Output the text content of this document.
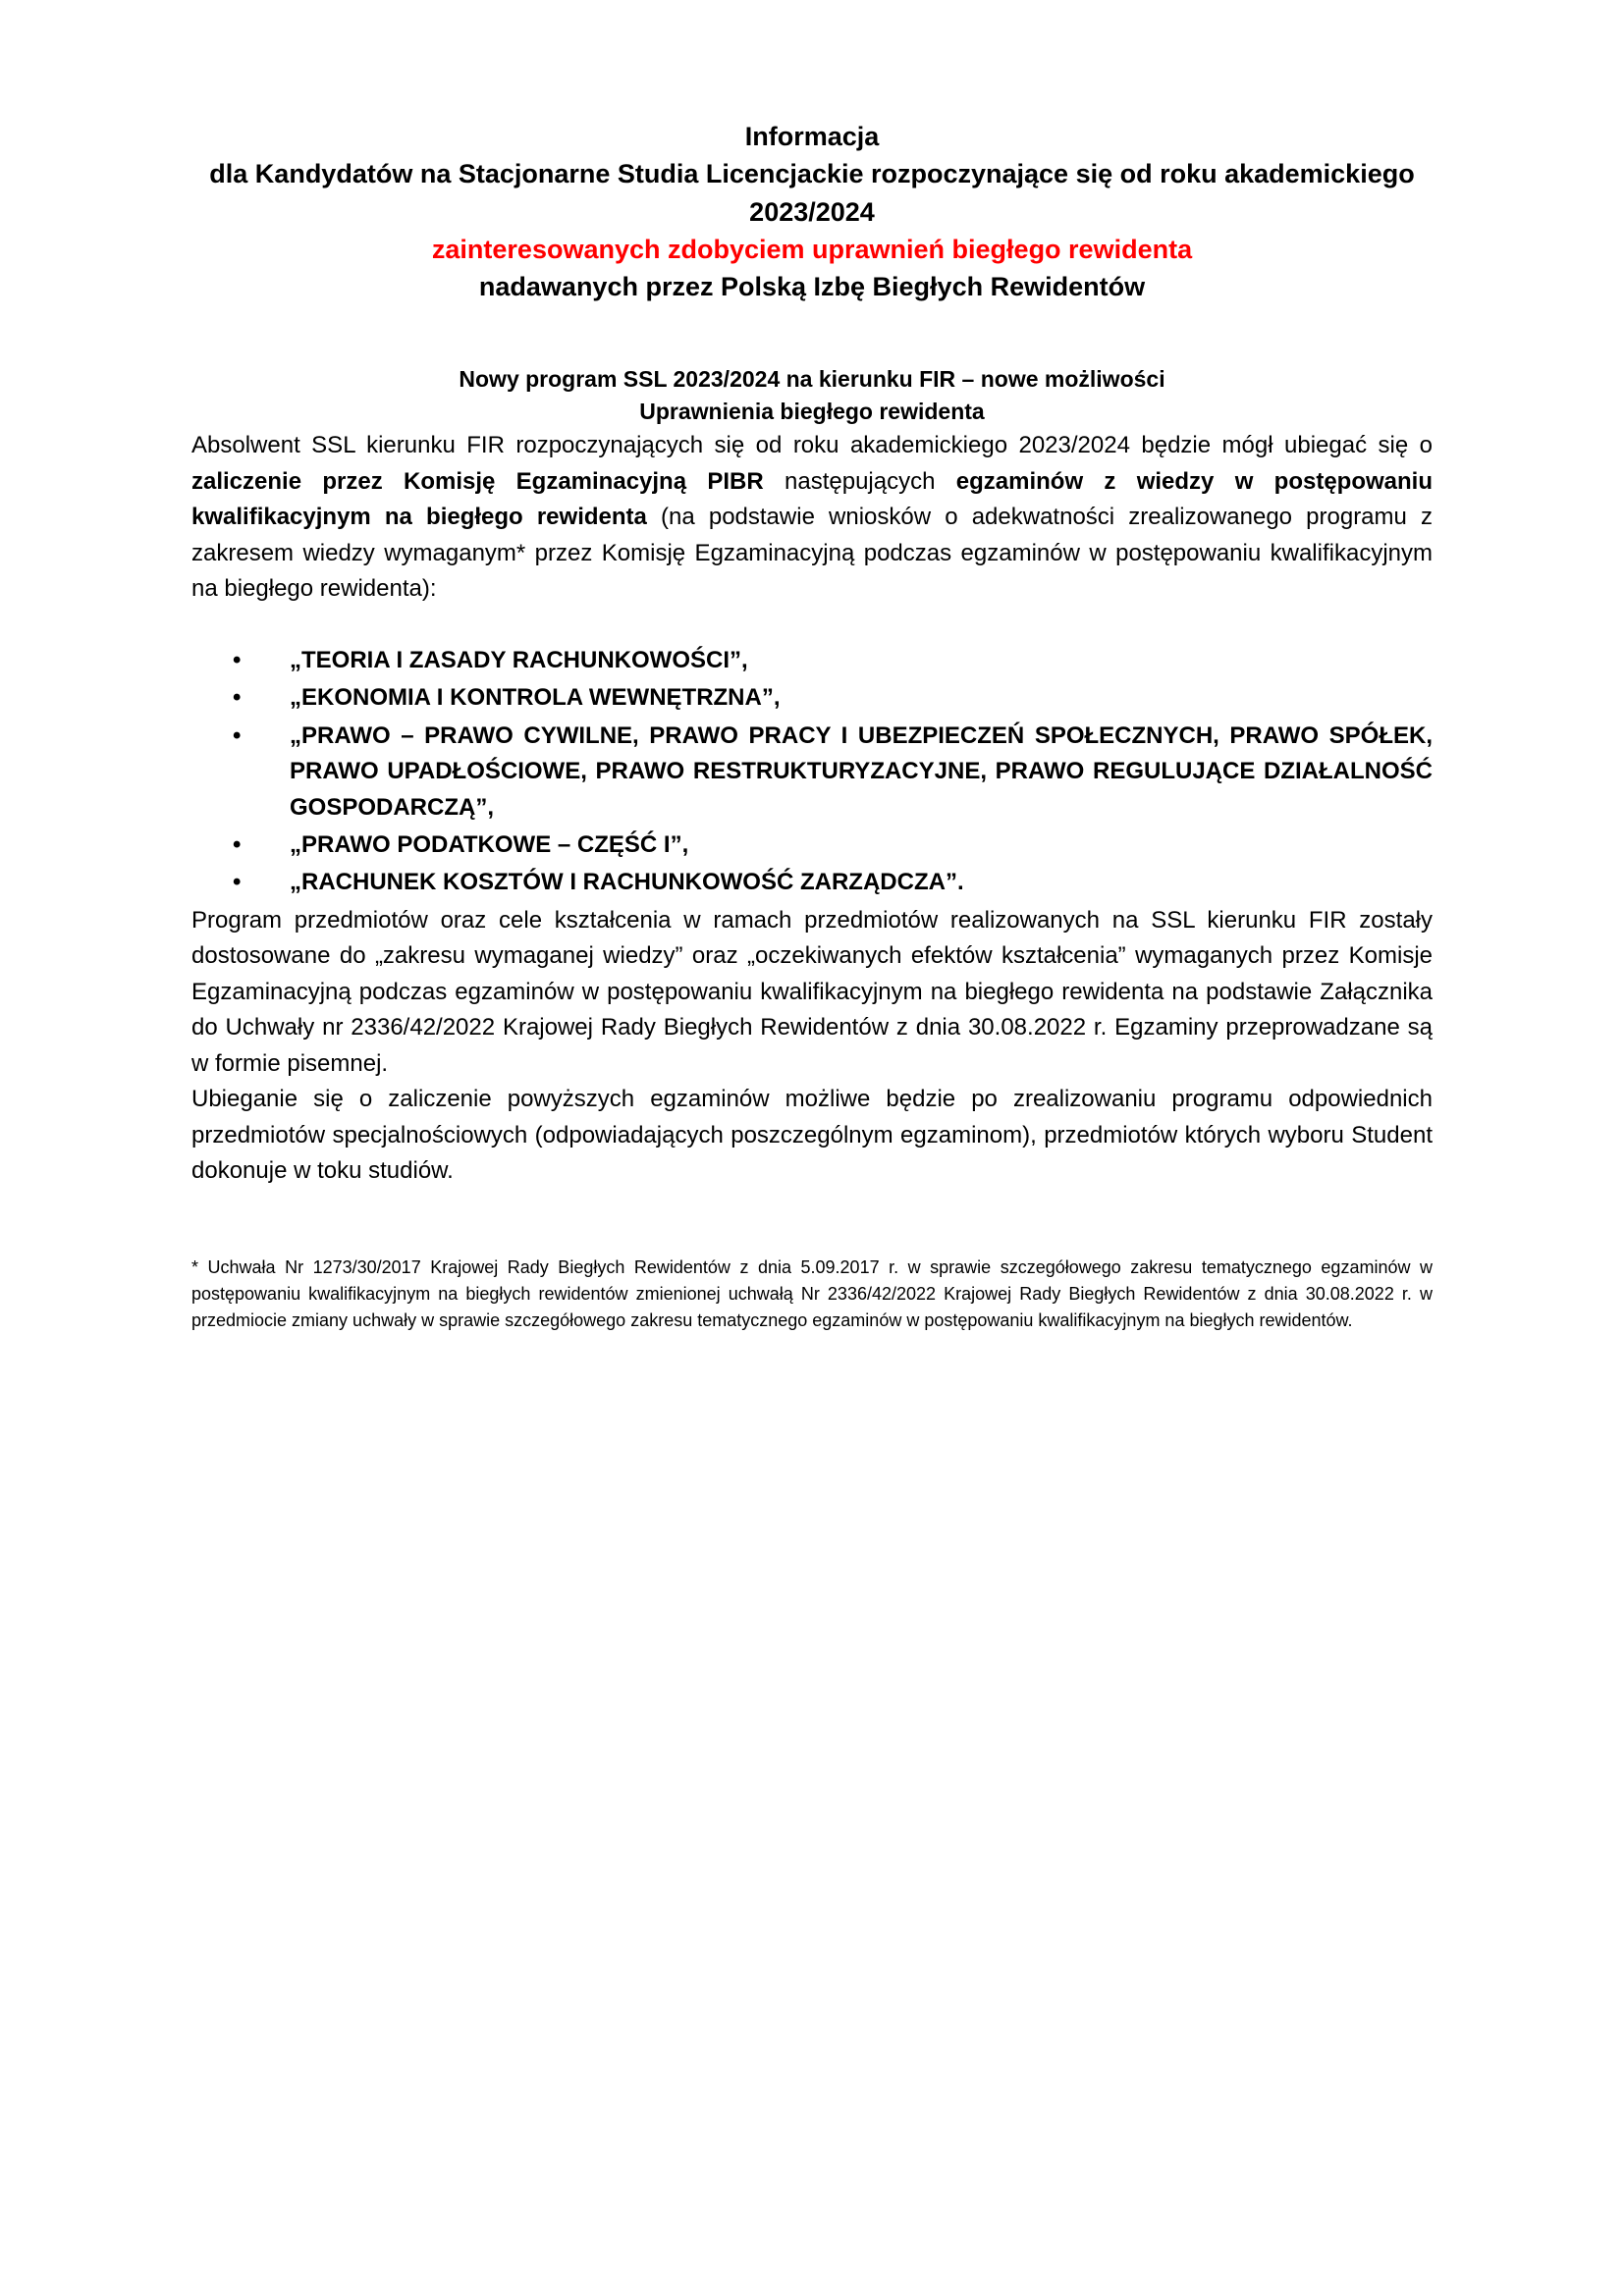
Informacja
dla Kandydatów na Stacjonarne Studia Licencjackie rozpoczynające się od roku akademickiego 2023/2024
zainteresowanych zdobyciem uprawnień biegłego rewidenta
nadawanych przez Polską Izbę Biegłych Rewidentów
Nowy program SSL 2023/2024 na kierunku FIR – nowe możliwości
Uprawnienia biegłego rewidenta

Absolwent SSL kierunku FIR rozpoczynających się od roku akademickiego 2023/2024 będzie mógł ubiegać się o zaliczenie przez Komisję Egzaminacyjną PIBR następujących egzaminów z wiedzy w postępowaniu kwalifikacyjnym na biegłego rewidenta (na podstawie wniosków o adekwatności zrealizowanego programu z zakresem wiedzy wymaganym* przez Komisję Egzaminacyjną podczas egzaminów w postępowaniu kwalifikacyjnym na biegłego rewidenta):

• „TEORIA I ZASADY RACHUNKOWOŚCI”,
• „EKONOMIA I KONTROLA WEWNĘTRZNA”,
• „PRAWO – PRAWO CYWILNE, PRAWO PRACY I UBEZPIECZEŃ SPOŁECZNYCH, PRAWO SPÓŁEK, PRAWO UPADŁOŚCIOWE, PRAWO RESTRUKTURYZACYJNE, PRAWO REGULUJĄCE DZIAŁALNOŚĆ GOSPODARCZĄ”,
• „PRAWO PODATKOWE – CZĘŚĆ I”,
• „RACHUNEK KOSZTÓW I RACHUNKOWOŚĆ ZARZĄDCZA”.

Program przedmiotów oraz cele kształcenia w ramach przedmiotów realizowanych na SSL kierunku FIR zostały dostosowane do „zakresu wymaganej wiedzy” oraz „oczekiwanych efektów kształcenia” wymaganych przez Komisje Egzaminacyjną podczas egzaminów w postępowaniu kwalifikacyjnym na biegłego rewidenta na podstawie Załącznika do Uchwały nr 2336/42/2022 Krajowej Rady Biegłych Rewidentów z dnia 30.08.2022 r. Egzaminy przeprowadzane są w formie pisemnej.

Ubieganie się o zaliczenie powyższych egzaminów możliwe będzie po zrealizowaniu programu odpowiednich przedmiotów specjalnościowych (odpowiadających poszczególnym egzaminom), przedmiotów których wyboru Student dokonuje w toku studiów.

* Uchwała Nr 1273/30/2017 Krajowej Rady Biegłych Rewidentów z dnia 5.09.2017 r. w sprawie szczegółowego zakresu tematycznego egzaminów w postępowaniu kwalifikacyjnym na biegłych rewidentów zmienionej uchwałą Nr 2336/42/2022 Krajowej Rady Biegłych Rewidentów z dnia 30.08.2022 r. w przedmiocie zmiany uchwały w sprawie szczegółowego zakresu tematycznego egzaminów w postępowaniu kwalifikacyjnym na biegłych rewidentów.
